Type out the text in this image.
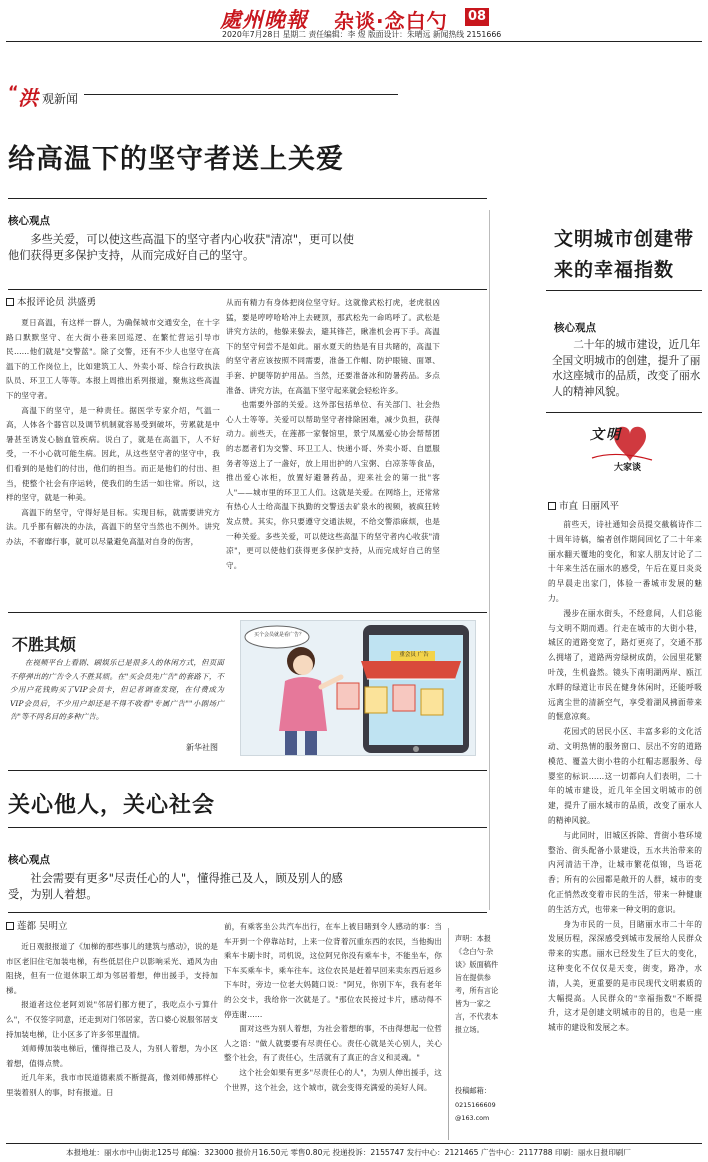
處州晚報 杂谈·念白勺 08
2020年7月28日 星期二 责任编辑：李 煜 版面设计：朱晴远 新闻热线 2151666
“ 洪 观新闻
给高温下的坚守者送上关爱
核心观点
多些关爱，可以使这些高温下的坚守者内心收获"清凉"，更可以使他们获得更多保护支持，从而完成好自己的坚守。
本报评论员 洪盛勇

夏日高温，有这样一群人，为确保城市交通安全，在十字路口默默坚守、在大街小巷来回巡逻、在繁忙营运引导市民……他们就是"交警蓝"。除了交警，还有不少人也坚守在高温下的工作岗位上，比如建筑工人、外卖小哥、综合行政执法队员、环卫工人等等。本报上周推出系列报道，聚焦这些高温下的坚守者。

高温下的坚守，是一种责任。据医学专家介绍，气温一高，人体各个器官以及调节机制就容易受到破坏，劳累就是中暑甚至诱发心脑血管疾病。说白了，就是在高温下，人不好受，一不小心就可能生病。因此，从这些坚守者的坚守中，我们看到的是他们的付出，他们的担当。而正是他们的付出、担当，使整个社会有序运转，使我们的生活一如往常。所以，这样的坚守，就是一种美。

高温下的坚守，守得好是目标。实现目标，就需要讲究方法。几乎都有解决的办法，高温下的坚守当然也不例外。讲究办法，不奢靡行事，就可以尽量避免高温对自身的伤害，

从而有精力有身体把岗位坚守好。这就像武松打虎，老虎很凶猛，要是哼哼哈哈冲上去硬顶，那武松先一命呜呼了。武松是讲究方法的，他躲来躲去，避其锋芒，瞅准机会再下手。高温下的坚守何尝不是如此。丽水夏天的热是有目共睹的，高温下的坚守者应该按照不同需要，准备工作帽、防护眼镜、面罩、手套、护腿等防护用品。当然，还要准备冰和防暑药品。多点准备、讲究方法，在高温下坚守起来就会轻松许多。

也需要外部的关爱。这外部包括单位、有关部门、社会热心人士等等。关爱可以帮助坚守者排除困难，减少负担，获得动力。前些天，在莲都一家餐馆里，景宁凤凰爱心协会帮帮团的志愿者们为交警、环卫工人、快递小哥、外卖小哥、自愿服务者等送上了一盏好，放上用出护的八宝粥、白凉茶等食品，推出爱心冰柜，放置好避暑药品，迎来社会的第一批"客人"——城市里的环卫工人们。这就是关爱。在网络上，还常常有热心人士给高温下执勤的交警送去矿泉水的视频，被疯狂转发点赞。其实，你只要遵守交通法规，不给交警添麻烦，也是一种关爱。多些关爱，可以使这些高温下的坚守者内心收获"清凉"，更可以使他们获得更多保护支持，从而完成好自己的坚守。

不胜其烦
在视频平台上看剧、刷娱乐已是很多人的休闲方式，但页面不停弹出的广告令人不胜其烦。在"买会员先广告"的套路下，不少用户花钱购买了VIP会员卡，但记者调查发现，在付费成为VIP会员后，不少用户却还是不得不收看"专属广告""小剧场广告"等不同名目的多种广告。
新华社图
买个会员就是看广告？
重会员 广告
关心他人，关心社会
核心观点
社会需要有更多"尽责任心的人"，懂得推己及人，顾及别人的感受，为别人着想。
莲都 吴明立

近日观报报道了《加梯的那些事儿的建筑与感动》，说的是市区老旧住宅加装电梯，有些低层住户以影响采光、通风为由阻挠，但有一位退休职工却为邻居着想，伸出援手，支持加梯。

报道者这位老阿刘说"邻居们都方便了，我吃点小亏算什么"，不仅签字同意，还走到对门邻居家，苦口婆心说服邻居支持加装电梯，让小区多了许多邻里温情。

刘师傅加装电梯后，懂得推己及人，为别人着想，为小区着想，值得点赞。

近几年来，我市市民道德素质不断提高，像刘师傅那样心里装着别人的事，时有报道。日

前，有乘客坐公共汽车出行，在车上被目睹到令人感动的事：当车开到一个停靠站时，上来一位背着沉重东西的农民，当他掏出乘车卡刷卡时，司机说，这位阿兄你没有乘车卡，不能坐车，你下车买乘车卡，乘车往车。这位农民是赶着早回来卖东西后返乡下车时，旁边一位老大妈随口说："阿兄，你别下车，我有老年的公交卡，我给你一次就是了。"那位农民接过卡片，感动得不停连谢……

面对这些为别人着想，为社会着想的事，不由得想起一位哲人之语："做人就要要有尽责任心。责任心就是关心别人，关心整个社会，有了责任心，生活就有了真正的含义和灵魂。"

这个社会如果有更多"尽责任心的人"，为别人伸出援手，这个世界，这个社会，这个城市，就会变得充满爱的美好人间。

声明：本报《念白勺·杂谈》版面稿件旨在提供参考，所有言论皆为一家之言，不代表本报立场。
投稿邮箱：
0215166609
@163.com
文明城市创建带来的幸福指数
核心观点
二十年的城市建设，近几年全国文明城市的创建，提升了丽水这座城市的品质，改变了丽水人的精神风貌。
文明
大家谈
市直 日丽风平

前些天，诗社通知会员提交截稿诗作二十周年诗稿，编者创作期间回忆了二十年来丽水翻天覆地的变化，和家人朋友讨论了二十年来生活在丽水的感受，午后在夏日炎炎的早晨走出家门，体验一番城市发展的魅力。

漫步在丽水街头，不经意间，人们总能与文明不期而遇。行走在城市的大街小巷，城区的道路变宽了，路灯更亮了，交通不那么拥堵了，道路两旁绿树成荫，公园里花繁叶茂，生机盎然。镜头下南明湖两岸、瓯江水畔的绿道让市民在健身休闲时，还能呼吸远离尘世的清新空气，享受着湖风拂面带来的惬意凉爽。

花园式的居民小区、丰富多彩的文化活动、文明热情的服务窗口、层出不穷的道路模范、覆盖大街小巷的小红帽志愿服务、母婴室的标识……这一切都向人们表明，二十年的城市建设，近几年全国文明城市的创建，提升了丽水城市的品质，改变了丽水人的精神风貌。

与此同时，旧城区拆除、背街小巷环境整治、街头配备小景建设，五水共治带来的内河清洁干净，让城市繁花似锦，鸟语花香；所有的公园都是敞开的人群，城市的变化正悄然改变着市民的生活，带来一种健康的生活方式，也带来一种文明的意识。

身为市民的一员，目睹丽水市二十年的发展历程，深深感受到城市发展给人民群众带来的实惠。丽水已经发生了巨大的变化，这种变化不仅仅是天变，街变，路净，水清，人美，更重要的是市民现代文明素质的大幅提高。人民群众的"幸福指数"不断提升，这才是创建文明城市的目的，也是一座城市的建设和发展之本。

本报地址：丽水市中山街北125号 邮编：323000 报价月16.50元 零售0.80元 投递投诉：2155747 发行中心：2121465 广告中心：2117788 印刷：丽水日报印刷厂
